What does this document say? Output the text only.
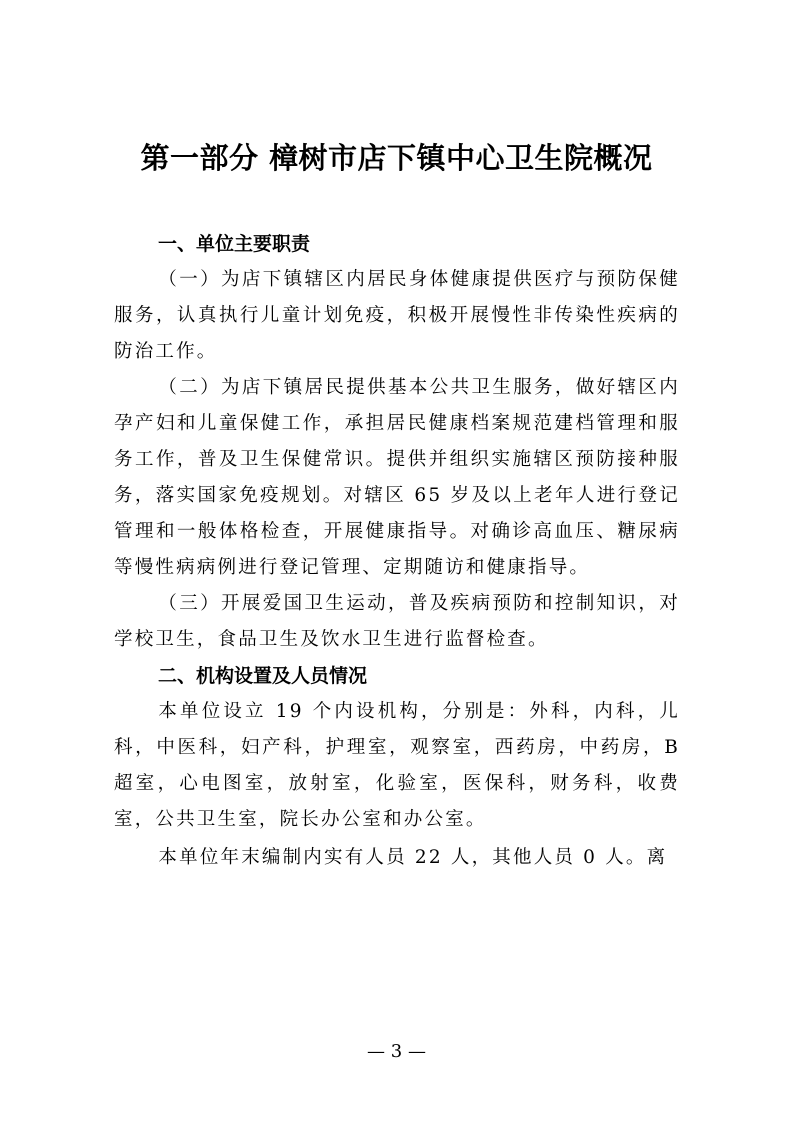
第一部分 樟树市店下镇中心卫生院概况
一、单位主要职责

（一）为店下镇辖区内居民身体健康提供医疗与预防保健服务，认真执行儿童计划免疫，积极开展慢性非传染性疾病的防治工作。

（二）为店下镇居民提供基本公共卫生服务，做好辖区内孕产妇和儿童保健工作，承担居民健康档案规范建档管理和服务工作，普及卫生保健常识。提供并组织实施辖区预防接种服务，落实国家免疫规划。对辖区 65 岁及以上老年人进行登记管理和一般体格检查，开展健康指导。对确诊高血压、糖尿病等慢性病病例进行登记管理、定期随访和健康指导。

（三）开展爱国卫生运动，普及疾病预防和控制知识，对学校卫生，食品卫生及饮水卫生进行监督检查。

二、机构设置及人员情况

本单位设立 19 个内设机构，分别是：外科，内科，儿科，中医科，妇产科，护理室，观察室，西药房，中药房，B 超室，心电图室，放射室，化验室，医保科，财务科，收费室，公共卫生室，院长办公室和办公室。

本单位年末编制内实有人员 22 人，其他人员 0 人。离

— 3 —
